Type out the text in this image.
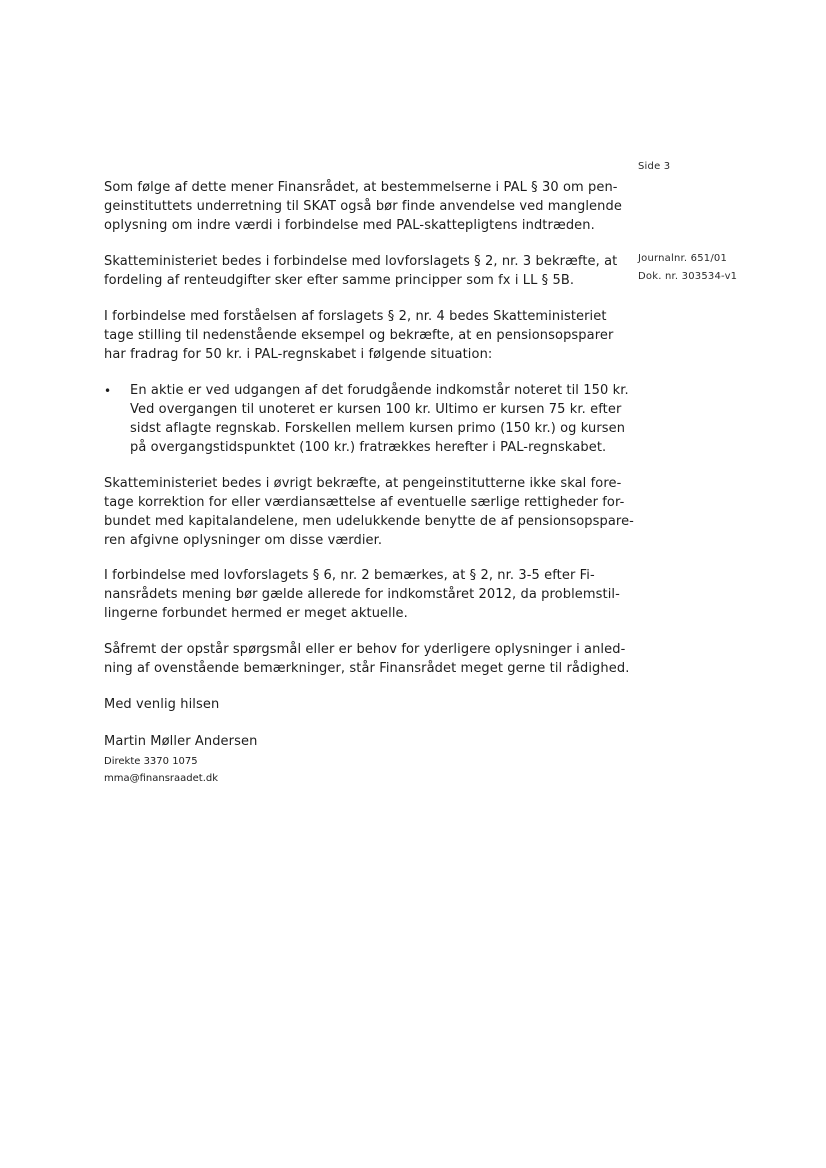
Side 3
Journalnr. 651/01
Dok. nr. 303534-v1
Som følge af dette mener Finansrådet, at bestemmelserne i PAL § 30 om pen-
geinstituttets underretning til SKAT også bør finde anvendelse ved manglende
oplysning om indre værdi i forbindelse med PAL-skattepligtens indtræden.
Skatteministeriet bedes i forbindelse med lovforslagets § 2, nr. 3 bekræfte, at
fordeling af renteudgifter sker efter samme principper som fx i LL § 5B.
I forbindelse med forståelsen af forslagets § 2, nr. 4 bedes Skatteministeriet
tage stilling til nedenstående eksempel og bekræfte, at en pensionsopsparer
har fradrag for 50 kr. i PAL-regnskabet i følgende situation:
• En aktie er ved udgangen af det forudgående indkomstår noteret til 150 kr.
Ved overgangen til unoteret er kursen 100 kr. Ultimo er kursen 75 kr. efter
sidst aflagte regnskab. Forskellen mellem kursen primo (150 kr.) og kursen
på overgangstidspunktet (100 kr.) fratrækkes herefter i PAL-regnskabet.
Skatteministeriet bedes i øvrigt bekræfte, at pengeinstitutterne ikke skal fore-
tage korrektion for eller værdiansættelse af eventuelle særlige rettigheder for-
bundet med kapitalandelene, men udelukkende benytte de af pensionsopspare-
ren afgivne oplysninger om disse værdier.
I forbindelse med lovforslagets § 6, nr. 2 bemærkes, at § 2, nr. 3-5 efter Fi-
nansrådets mening bør gælde allerede for indkomståret 2012, da problemstil-
lingerne forbundet hermed er meget aktuelle.
Såfremt der opstår spørgsmål eller er behov for yderligere oplysninger i anled-
ning af ovenstående bemærkninger, står Finansrådet meget gerne til rådighed.
Med venlig hilsen
Martin Møller Andersen
Direkte 3370 1075
mma@finansraadet.dk
